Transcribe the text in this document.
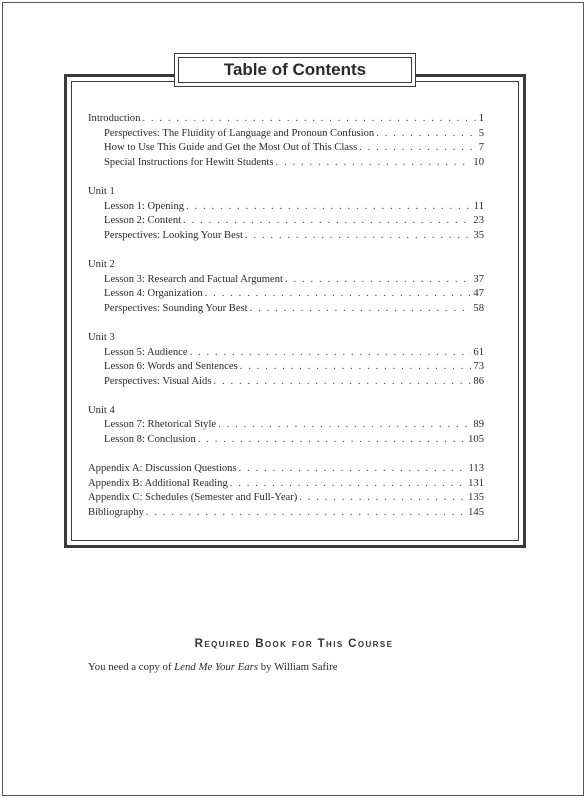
Table of Contents
Introduction . . .	1
Perspectives: The Fluidity of Language and Pronoun Confusion . . .	5
How to Use This Guide and Get the Most Out of This Class . . .	7
Special Instructions for Hewitt Students . . .	10
Unit 1
Lesson 1: Opening . . .	11
Lesson 2: Content . . .	23
Perspectives: Looking Your Best . . .	35
Unit 2
Lesson 3: Research and Factual Argument . . .	37
Lesson 4: Organization . . .	47
Perspectives: Sounding Your Best . . .	58
Unit 3
Lesson 5: Audience . . .	61
Lesson 6: Words and Sentences . . .	73
Perspectives: Visual Aids . . .	86
Unit 4
Lesson 7: Rhetorical Style . . .	89
Lesson 8: Conclusion . . .	105
Appendix A: Discussion Questions . . .	113
Appendix B: Additional Reading . . .	131
Appendix C: Schedules (Semester and Full-Year) . . .	135
Bibliography . . .	145
Required Book for This Course
You need a copy of Lend Me Your Ears by William Safire
